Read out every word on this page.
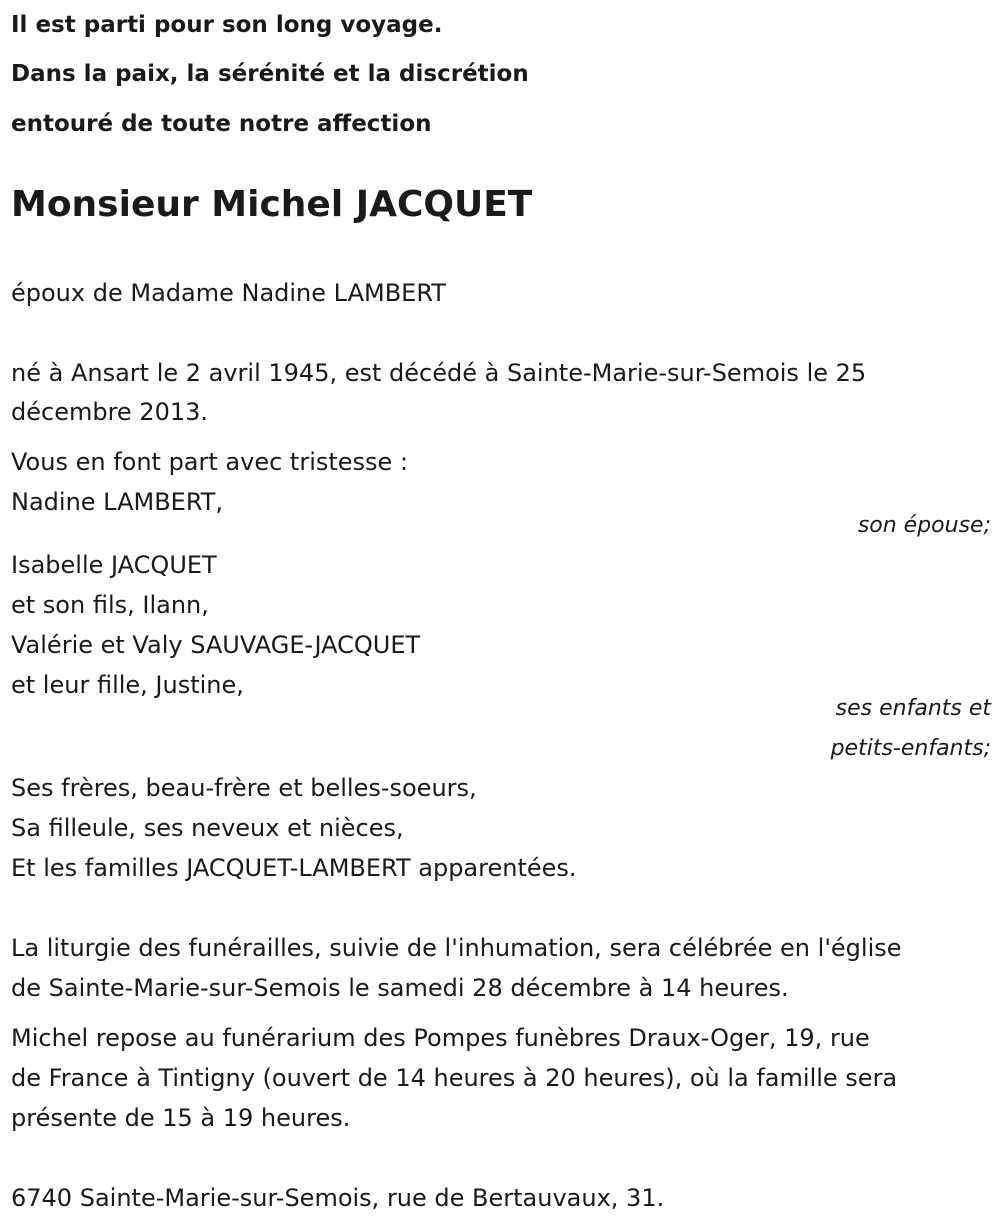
Il est parti pour son long voyage.
Dans la paix, la sérénité et la discrétion
entouré de toute notre affection
Monsieur Michel JACQUET
époux de Madame Nadine LAMBERT
né à Ansart le 2 avril 1945, est décédé à Sainte-Marie-sur-Semois le 25
décembre 2013.
Vous en font part avec tristesse :
Nadine LAMBERT,
son épouse;
Isabelle JACQUET
et son fils, Ilann,
Valérie et Valy SAUVAGE-JACQUET
et leur fille, Justine,
ses enfants et
petits-enfants;
Ses frères, beau-frère et belles-soeurs,
Sa filleule, ses neveux et nièces,
Et les familles JACQUET-LAMBERT apparentées.
La liturgie des funérailles, suivie de l'inhumation, sera célébrée en l'église
de Sainte-Marie-sur-Semois le samedi 28 décembre à 14 heures.
Michel repose au funérarium des Pompes funèbres Draux-Oger, 19, rue
de France à Tintigny (ouvert de 14 heures à 20 heures), où la famille sera
présente de 15 à 19 heures.
6740 Sainte-Marie-sur-Semois, rue de Bertauvaux, 31.
